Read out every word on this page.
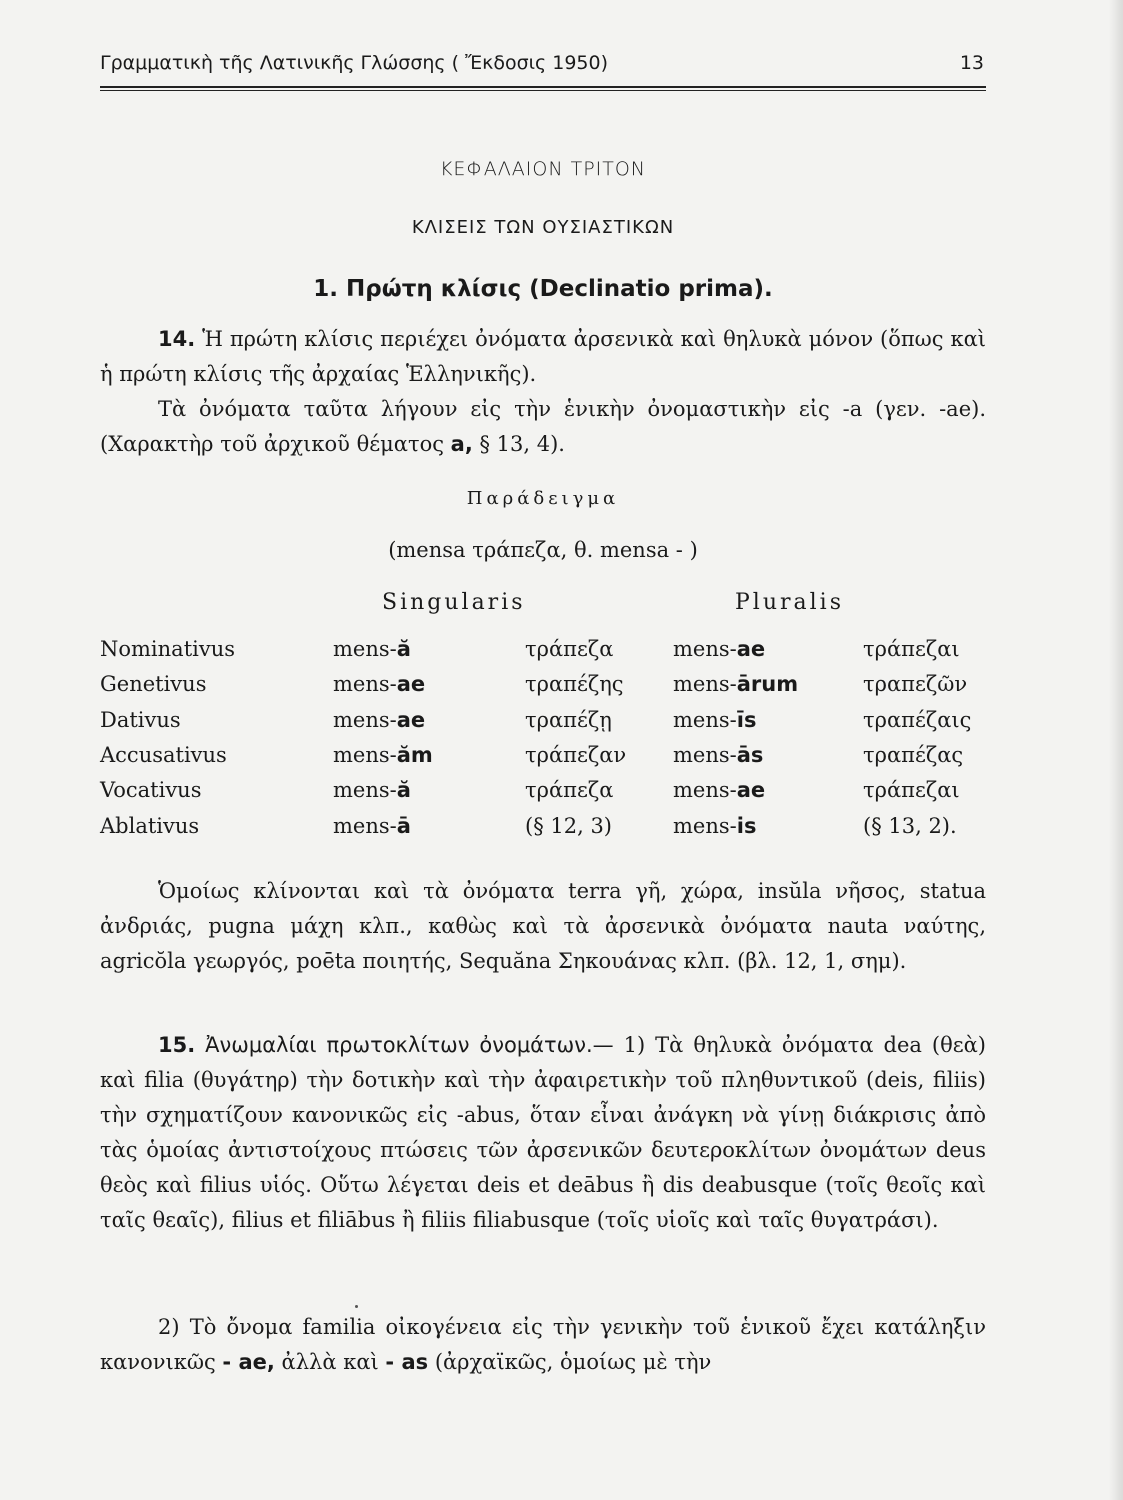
Γραμματικὴ τῆς Λατινικῆς Γλώσσης ( Ἔκδοσις 1950)	13
ΚΕΦΑΛΑΙΟΝ ΤΡΙΤΟΝ
ΚΛΙΣΕΙΣ ΤΩΝ ΟΥΣΙΑΣΤΙΚΩΝ
1. Πρώτη κλίσις (Declinatio prima).

14. Ἡ πρώτη κλίσις περιέχει ὀνόματα ἀρσενικὰ καὶ θηλυκὰ μόνον (ὅπως καὶ ἡ πρώτη κλίσις τῆς ἀρχαίας Ἑλληνικῆς).

Τὰ ὀνόματα ταῦτα λήγουν εἰς τὴν ἑνικὴν ὀνομαστικὴν εἰς -a (γεν. -ae). (Χαρακτὴρ τοῦ ἀρχικοῦ θέματος a, § 13, 4).

Παράδειγμα
(mensa τράπεζα, θ. mensa - )
Singularis	Pluralis
Nominativus	mens-ă	τράπεζα	mens-ae	τράπεζαι
Genetivus	mens-ae	τραπέζης mens-ārum	τραπεζῶν
Dativus	mens-ae	τραπέζῃ	mens-īs	τραπέζαις
Accusativus	mens-ăm	τράπεζαν mens-ās	τραπέζας
Vocativus	mens-ă	τράπεζα	mens-ae	τράπεζαι
Ablativus	mens-ā	(§ 12, 3)	mens-is	(§ 13, 2).

Ὁμοίως κλίνονται καὶ τὰ ὀνόματα terra γῆ, χώρα, insŭla νῆσος, statua ἀνδριάς, pugna μάχη κλπ., καθὼς καὶ τὰ ἀρσενικὰ ὀνόματα nauta ναύτης, agricŏla γεωργός, poēta ποιητής, Sequăna Σηκουάνας κλπ. (βλ. 12, 1, σημ).

15. Ἀνωμαλίαι πρωτοκλίτων ὀνομάτων.— 1) Τὰ θηλυκὰ ὀνόματα dea (θεὰ) καὶ filia (θυγάτηρ) τὴν δοτικὴν καὶ τὴν ἀφαιρετικὴν τοῦ πληθυντικοῦ (deis, filiis) τὴν σχηματίζουν κανονικῶς εἰς -abus, ὅταν εἶναι ἀνάγκη νὰ γίνῃ διάκρισις ἀπὸ τὰς ὁμοίας ἀντιστοίχους πτώσεις τῶν ἀρσενικῶν δευτεροκλίτων ὀνομάτων deus θεὸς καὶ filius υἱός. Οὕτω λέγεται deis et deābus ἢ dis deabusque (τοῖς θεοῖς καὶ ταῖς θεαῖς), filius et filiābus ἢ filiis filiabusque (τοῖς υἱοῖς καὶ ταῖς θυγατράσι).

2) Τὸ ὄνομα familia οἰκογένεια εἰς τὴν γενικὴν τοῦ ἑνικοῦ ἔχει κατάληξιν κανονικῶς - ae, ἀλλὰ καὶ - as (ἀρχαϊκῶς, ὁμοίως μὲ τὴν
